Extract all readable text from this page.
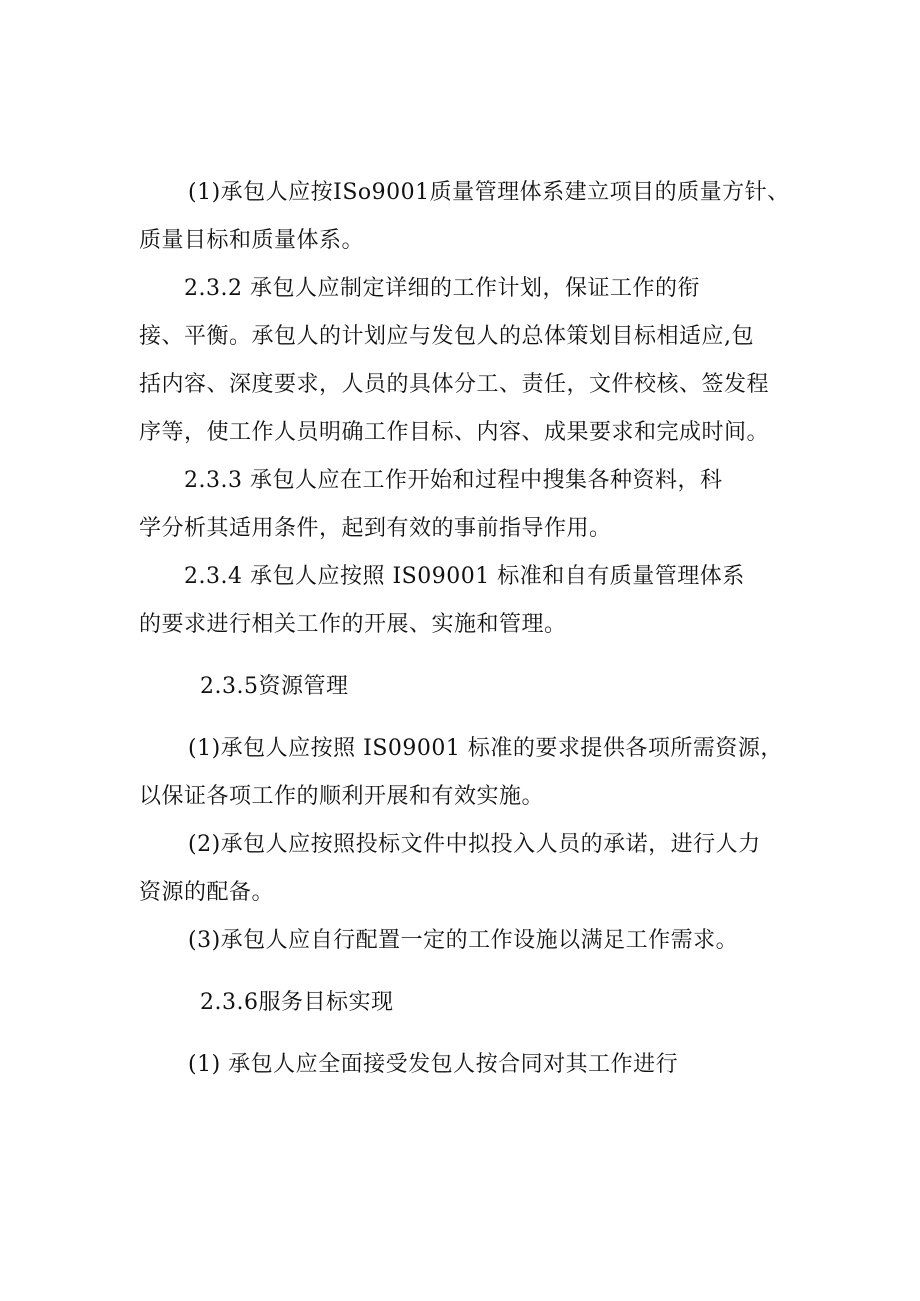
(1)承包人应按ISo9001质量管理体系建立项目的质量方针、
质量目标和质量体系。
2.3.2 承包人应制定详细的工作计划，保证工作的衔
接、平衡。承包人的计划应与发包人的总体策划目标相适应,包
括内容、深度要求，人员的具体分工、责任，文件校核、签发程
序等，使工作人员明确工作目标、内容、成果要求和完成时间。
2.3.3 承包人应在工作开始和过程中搜集各种资料，科
学分析其适用条件，起到有效的事前指导作用。
2.3.4 承包人应按照 IS09001 标准和自有质量管理体系
的要求进行相关工作的开展、实施和管理。
2.3.5资源管理
(1)承包人应按照 IS09001 标准的要求提供各项所需资源，
以保证各项工作的顺利开展和有效实施。
(2)承包人应按照投标文件中拟投入人员的承诺，进行人力
资源的配备。
(3)承包人应自行配置一定的工作设施以满足工作需求。
2.3.6服务目标实现
(1) 承包人应全面接受发包人按合同对其工作进行
